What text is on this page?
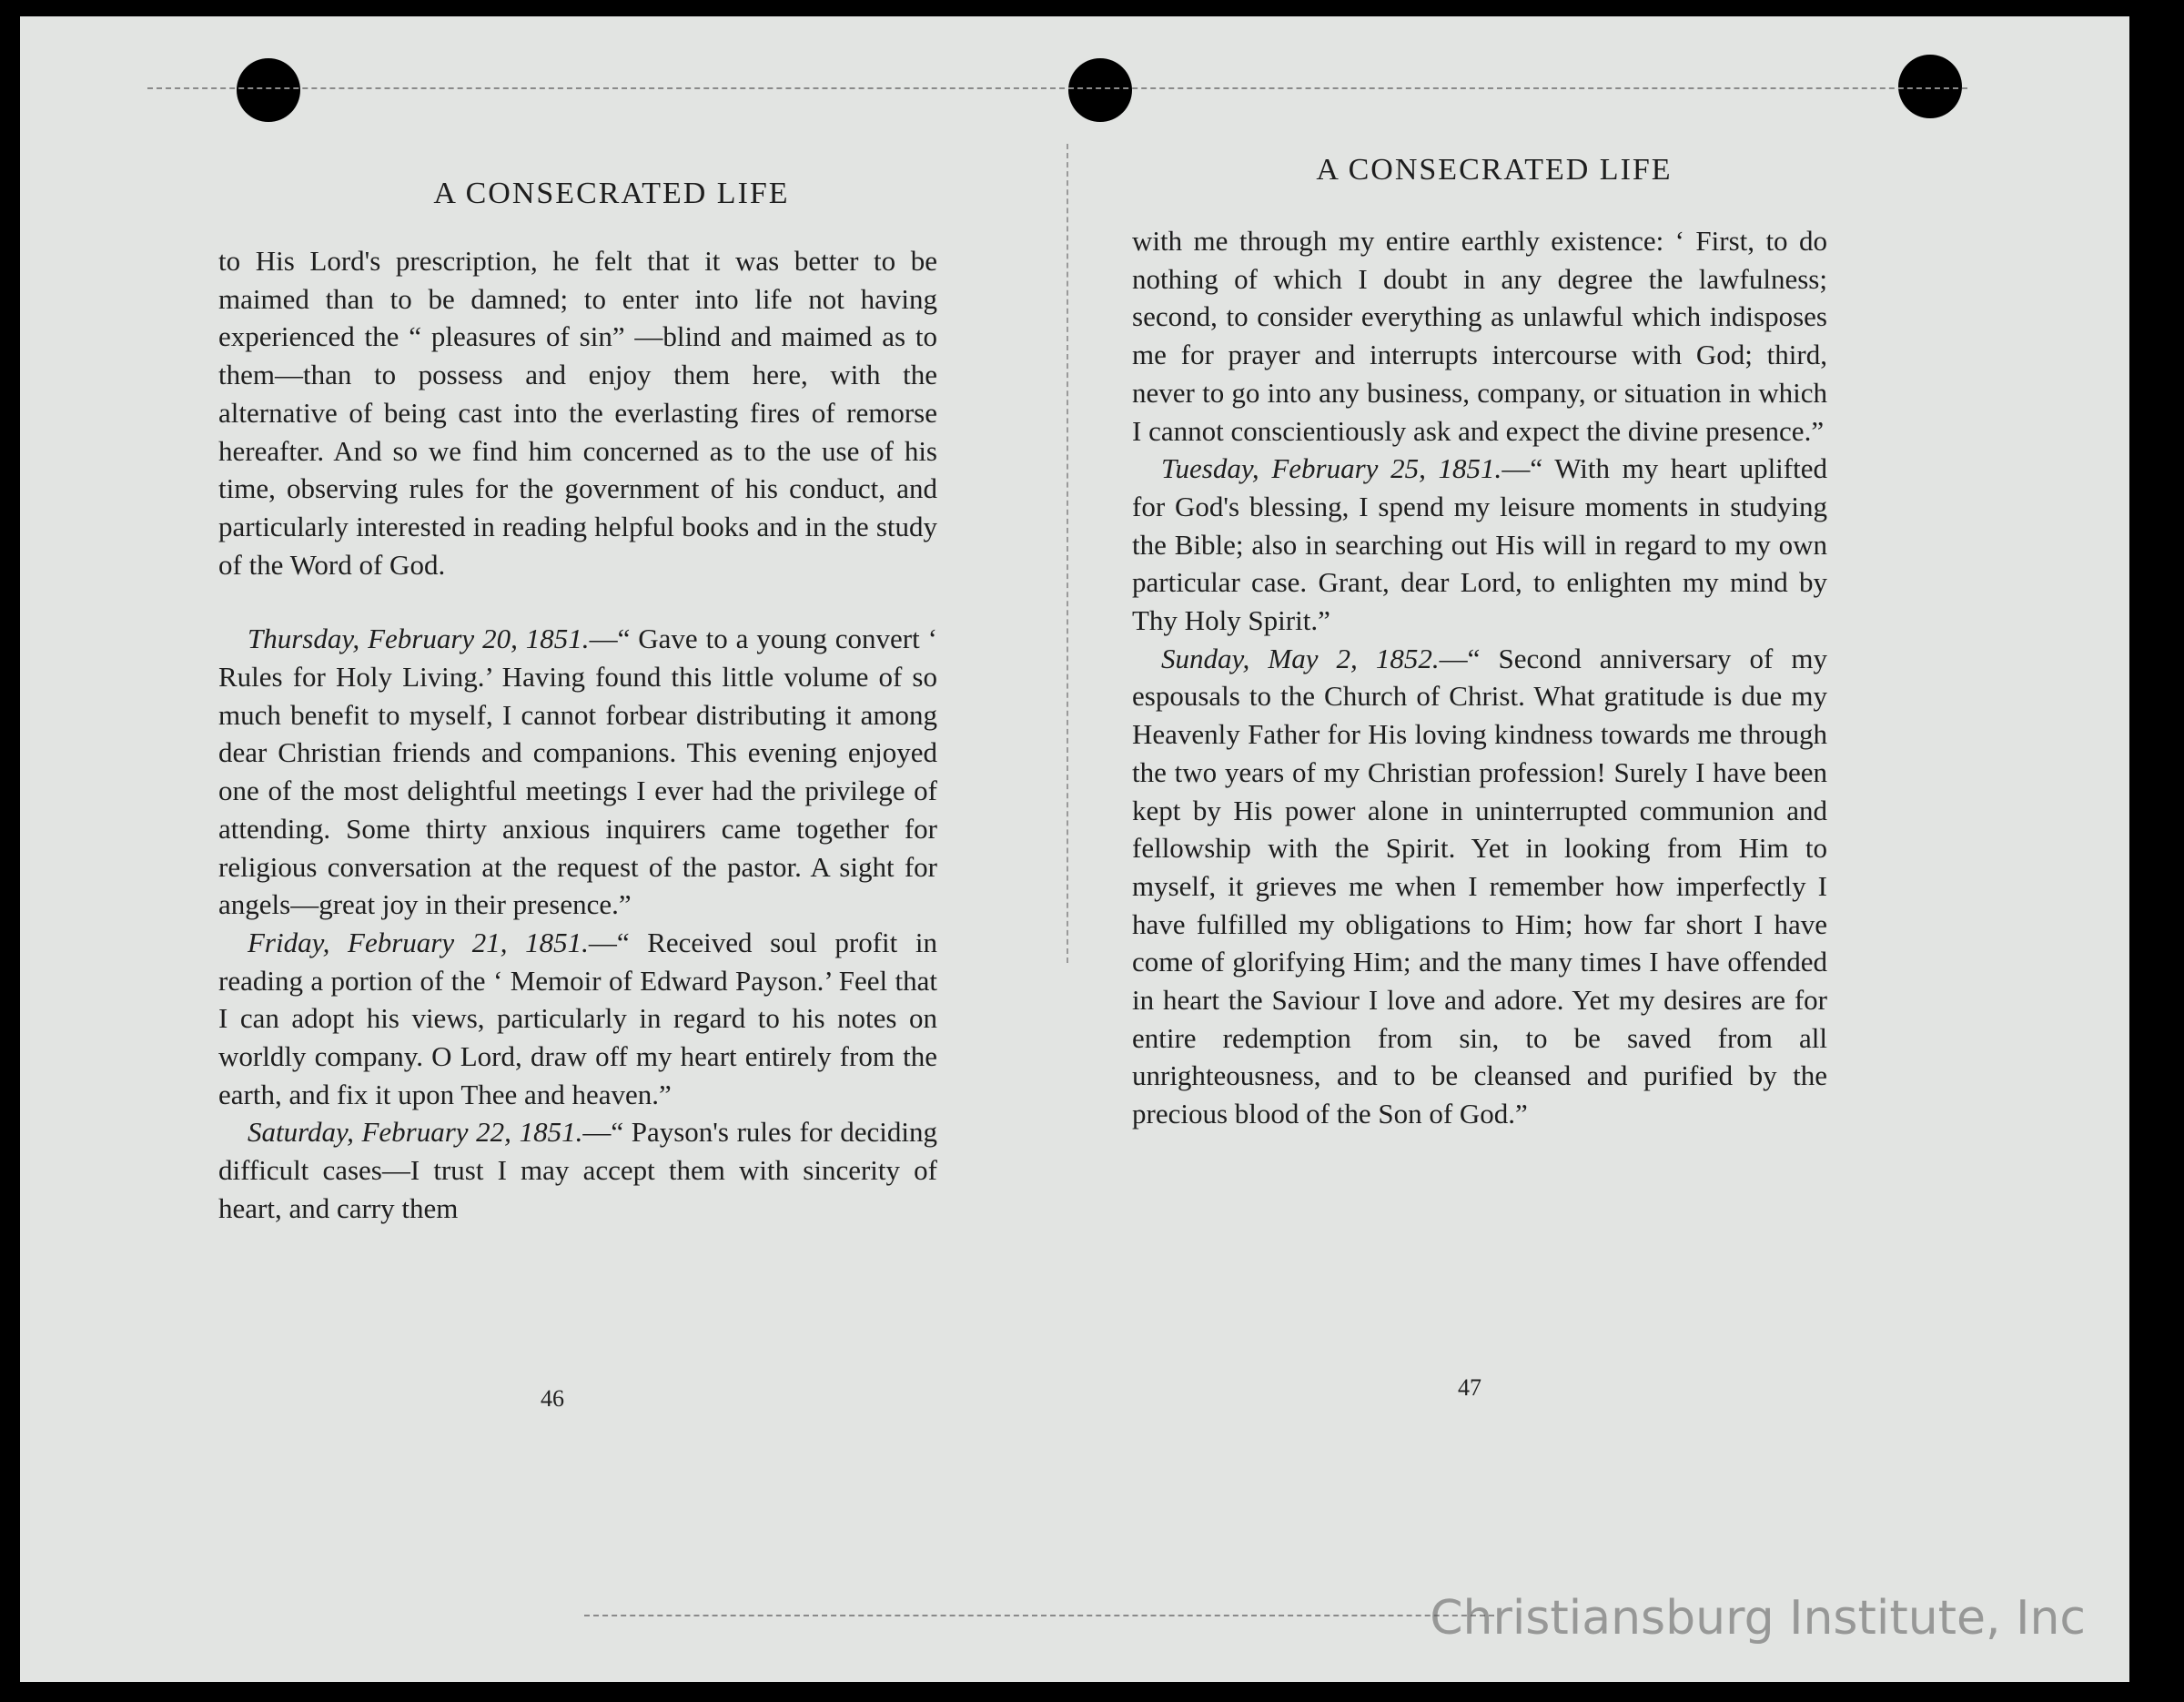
A CONSECRATED LIFE

to His Lord's prescription, he felt that it was better to be maimed than to be damned; to enter into life not having experienced the “ pleasures of sin” —blind and maimed as to them—than to possess and enjoy them here, with the alternative of being cast into the everlasting fires of remorse hereafter. And so we find him concerned as to the use of his time, observing rules for the government of his conduct, and particularly interested in reading helpful books and in the study of the Word of God.

Thursday, February 20, 1851.—“ Gave to a young convert ‘ Rules for Holy Living.’ Having found this little volume of so much benefit to myself, I cannot forbear distributing it among dear Christian friends and companions. This evening enjoyed one of the most delightful meetings I ever had the privilege of attending. Some thirty anxious inquirers came together for religious conversation at the request of the pastor. A sight for angels—great joy in their presence.”

Friday, February 21, 1851.—“ Received soul profit in reading a portion of the ‘ Memoir of Edward Payson.’ Feel that I can adopt his views, particularly in regard to his notes on worldly company. O Lord, draw off my heart entirely from the earth, and fix it upon Thee and heaven.”

Saturday, February 22, 1851.—“ Payson's rules for deciding difficult cases—I trust I may accept them with sincerity of heart, and carry them

46
A CONSECRATED LIFE

with me through my entire earthly existence: ‘ First, to do nothing of which I doubt in any degree the lawfulness; second, to consider everything as unlawful which indisposes me for prayer and interrupts intercourse with God; third, never to go into any business, company, or situation in which I cannot conscientiously ask and expect the divine presence.”

Tuesday, February 25, 1851.—“ With my heart uplifted for God's blessing, I spend my leisure moments in studying the Bible; also in searching out His will in regard to my own particular case. Grant, dear Lord, to enlighten my mind by Thy Holy Spirit.”

Sunday, May 2, 1852.—“ Second anniversary of my espousals to the Church of Christ. What gratitude is due my Heavenly Father for His loving kindness towards me through the two years of my Christian profession! Surely I have been kept by His power alone in uninterrupted communion and fellowship with the Spirit. Yet in looking from Him to myself, it grieves me when I remember how imperfectly I have fulfilled my obligations to Him; how far short I have come of glorifying Him; and the many times I have offended in heart the Saviour I love and adore. Yet my desires are for entire redemption from sin, to be saved from all unrighteousness, and to be cleansed and purified by the precious blood of the Son of God.”

47
Christiansburg Institute, Inc
